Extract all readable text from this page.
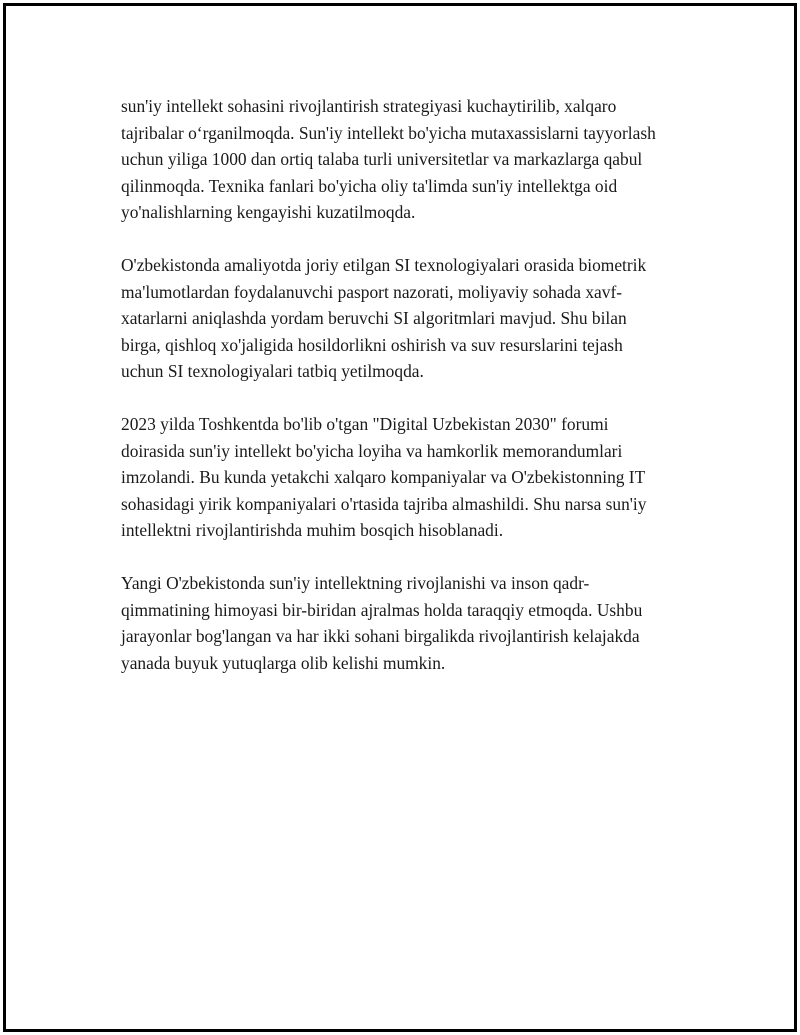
sun'iy intellekt sohasini rivojlantirish strategiyasi kuchaytirilib, xalqaro
tajribalar o‘rganilmoqda. Sun'iy intellekt bo'yicha mutaxassislarni tayyorlash
uchun yiliga 1000 dan ortiq talaba turli universitetlar va markazlarga qabul
qilinmoqda. Texnika fanlari bo'yicha oliy ta'limda sun'iy intellektga oid
yo'nalishlarning kengayishi kuzatilmoqda.

O'zbekistonda amaliyotda joriy etilgan SI texnologiyalari orasida biometrik
ma'lumotlardan foydalanuvchi pasport nazorati, moliyaviy sohada xavf-
xatarlarni aniqlashda yordam beruvchi SI algoritmlari mavjud. Shu bilan
birga, qishloq xo'jaligida hosildorlikni oshirish va suv resurslarini tejash
uchun SI texnologiyalari tatbiq yetilmoqda.

2023 yilda Toshkentda bo'lib o'tgan "Digital Uzbekistan 2030" forumi
doirasida sun'iy intellekt bo'yicha loyiha va hamkorlik memorandumlari
imzolandi. Bu kunda yetakchi xalqaro kompaniyalar va O'zbekistonning IT
sohasidagi yirik kompaniyalari o'rtasida tajriba almashildi. Shu narsa sun'iy
intellektni rivojlantirishda muhim bosqich hisoblanadi.

Yangi O'zbekistonda sun'iy intellektning rivojlanishi va inson qadr-
qimmatining himoyasi bir-biridan ajralmas holda taraqqiy etmoqda. Ushbu
jarayonlar bog'langan va har ikki sohani birgalikda rivojlantirish kelajakda
yanada buyuk yutuqlarga olib kelishi mumkin.
